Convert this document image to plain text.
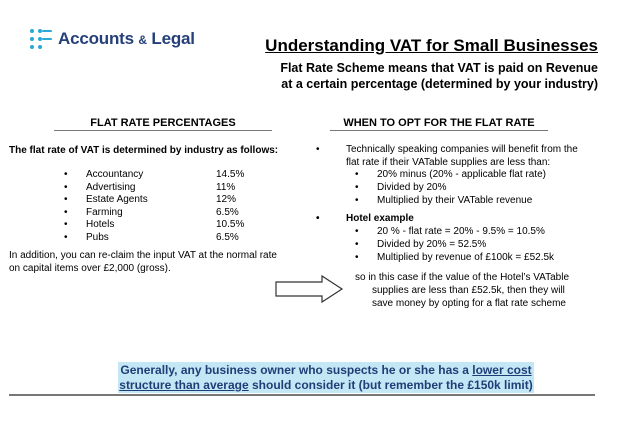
Accounts & Legal	Understanding VAT for Small Businesses
Flat Rate Scheme means that VAT is paid on Revenue
at a certain percentage (determined by your industry)
FLAT RATE PERCENTAGES	WHEN TO OPT FOR THE FLAT RATE
The flat rate of VAT is determined by industry as follows:
•	Accountancy	14.5%
•	Advertising	11%
•	Estate Agents	12%
•	Farming	6.5%
•	Hotels	10.5%
•	Pubs	6.5%
In addition, you can re-claim the input VAT at the normal rate on capital items over £2,000 (gross).
•	Technically speaking companies will benefit from the flat rate if their VATable supplies are less than:
•	20% minus (20% - applicable flat rate)
•	Divided by 20%
•	Multiplied by their VATable revenue
•	Hotel example
•	20 % - flat rate = 20% - 9.5% = 10.5%
•	Divided by 20% = 52.5%
•	Multiplied by revenue of £100k = £52.5k
so in this case if the value of the Hotel’s VATable
supplies are less than £52.5k, then they will
save money by opting for a flat rate scheme
Generally, any business owner who suspects he or she has a lower cost
structure than average should consider it (but remember the £150k limit)
